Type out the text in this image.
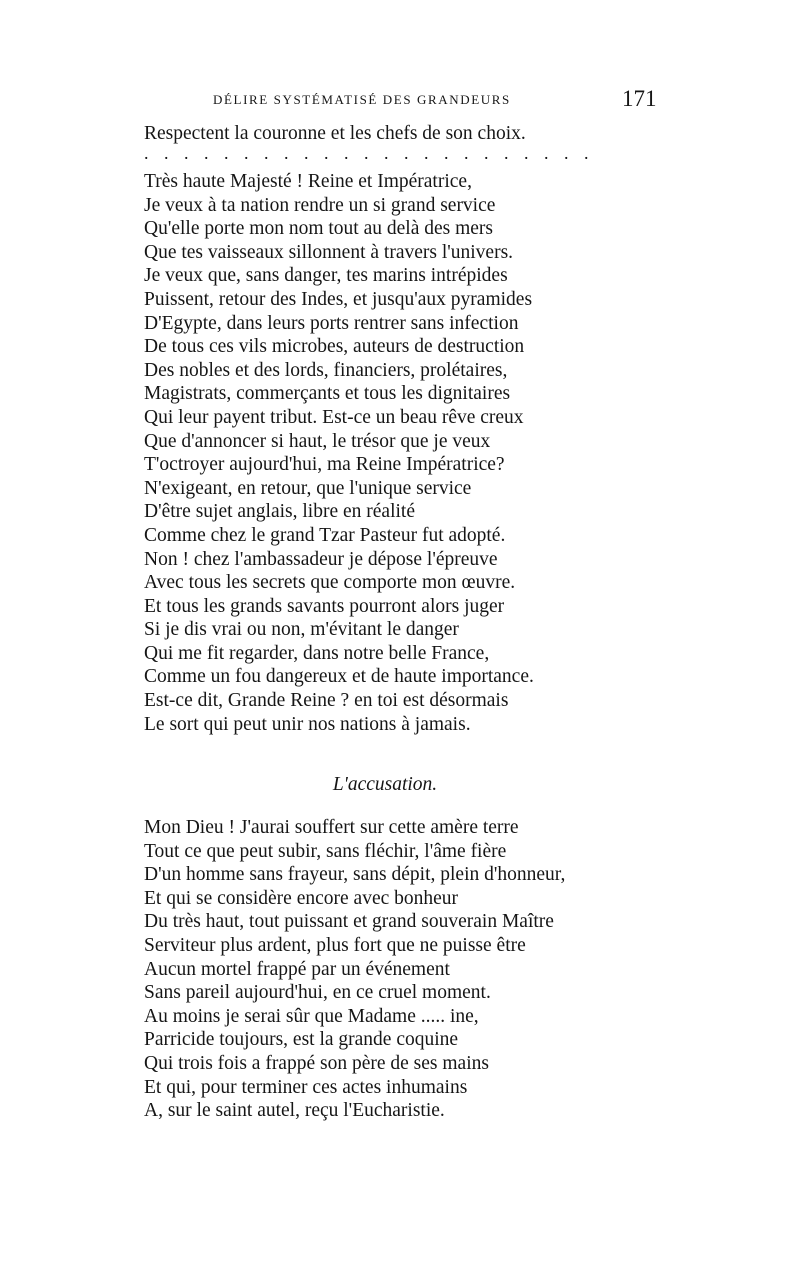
DÉLIRE SYSTÉMATISÉ DES GRANDEURS	171
Respectent la couronne et les chefs de son choix.
. . . . . . . . . . . . . . . . . . . . . . .
Très haute Majesté ! Reine et Impératrice,
Je veux à ta nation rendre un si grand service
Qu'elle porte mon nom tout au delà des mers
Que tes vaisseaux sillonnent à travers l'univers.
Je veux que, sans danger, tes marins intrépides
Puissent, retour des Indes, et jusqu'aux pyramides
D'Egypte, dans leurs ports rentrer sans infection
De tous ces vils microbes, auteurs de destruction
Des nobles et des lords, financiers, prolétaires,
Magistrats, commerçants et tous les dignitaires
Qui leur payent tribut. Est-ce un beau rêve creux
Que d'annoncer si haut, le trésor que je veux
T'octroyer aujourd'hui, ma Reine Impératrice?
N'exigeant, en retour, que l'unique service
D'être sujet anglais, libre en réalité
Comme chez le grand Tzar Pasteur fut adopté.
Non ! chez l'ambassadeur je dépose l'épreuve
Avec tous les secrets que comporte mon œuvre.
Et tous les grands savants pourront alors juger
Si je dis vrai ou non, m'évitant le danger
Qui me fit regarder, dans notre belle France,
Comme un fou dangereux et de haute importance.
Est-ce dit, Grande Reine ? en toi est désormais
Le sort qui peut unir nos nations à jamais.
L'accusation.
Mon Dieu ! J'aurai souffert sur cette amère terre
Tout ce que peut subir, sans fléchir, l'âme fière
D'un homme sans frayeur, sans dépit, plein d'honneur,
Et qui se considère encore avec bonheur
Du très haut, tout puissant et grand souverain Maître
Serviteur plus ardent, plus fort que ne puisse être
Aucun mortel frappé par un événement
Sans pareil aujourd'hui, en ce cruel moment.
Au moins je serai sûr que Madame ..... ine,
Parricide toujours, est la grande coquine
Qui trois fois a frappé son père de ses mains
Et qui, pour terminer ces actes inhumains
A, sur le saint autel, reçu l'Eucharistie.
